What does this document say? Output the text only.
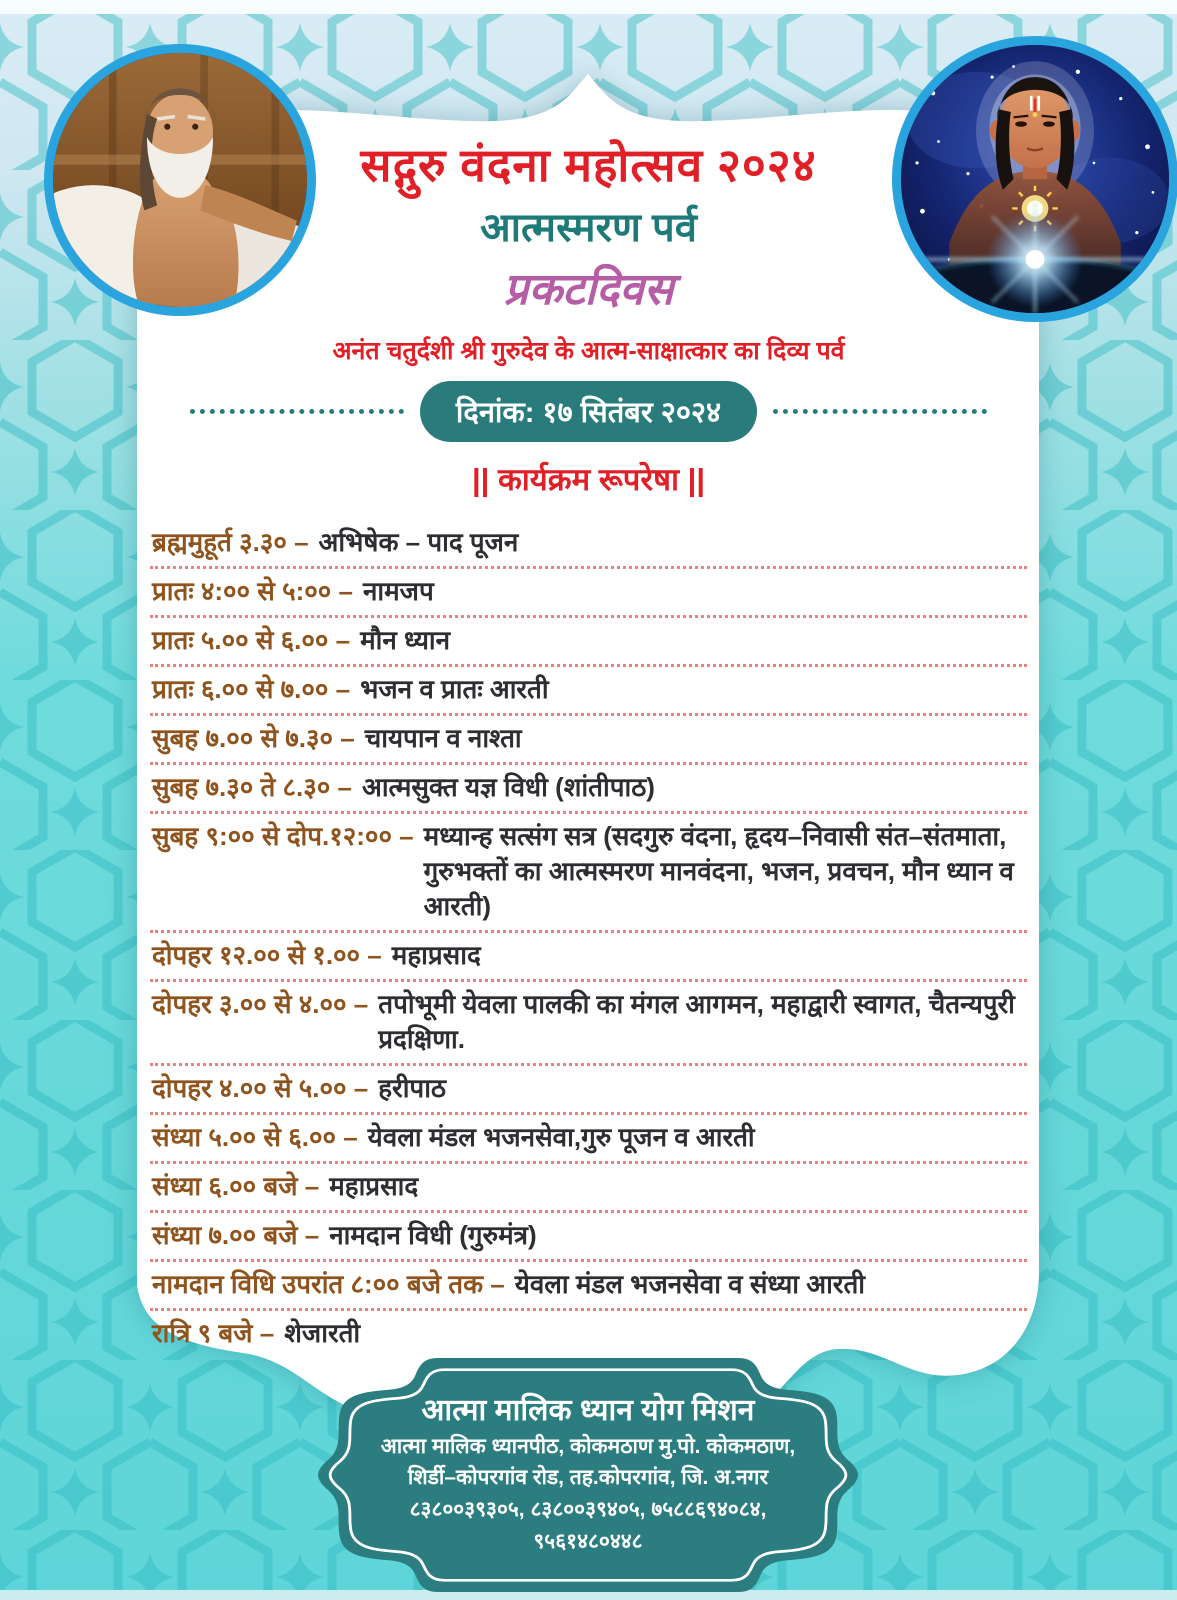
सद्गुरु वंदना महोत्सव २०२४
आत्मस्मरण पर्व
प्रकटदिवस
अनंत चतुर्दशी श्री गुरुदेव के आत्म-साक्षात्कार का दिव्य पर्व
दिनांक: १७ सितंबर २०२४
|| कार्यक्रम रूपरेषा ||
ब्रह्ममुहूर्त ३.३० – अभिषेक – पाद पूजन
प्रातः ४:०० से ५:०० – नामजप
प्रातः ५.०० से ६.०० – मौन ध्यान
प्रातः ६.०० से ७.०० – भजन व प्रातः आरती
सुबह ७.०० से ७.३० – चायपान व नाश्ता
सुबह ७.३० ते ८.३० – आत्मसुक्त यज्ञ विधी (शांतीपाठ)
सुबह ९:०० से दोप.१२:०० – मध्यान्ह सत्संग सत्र (सदगुरु वंदना, हृदय–निवासी संत–संतमाता, गुरुभक्तों का आत्मस्मरण मानवंदना, भजन, प्रवचन, मौन ध्यान व आरती)
दोपहर १२.०० से १.०० – महाप्रसाद
दोपहर ३.०० से ४.०० – तपोभूमी येवला पालकी का मंगल आगमन, महाद्वारी स्वागत, चैतन्यपुरी प्रदक्षिणा.
दोपहर ४.०० से ५.०० – हरीपाठ
संध्या ५.०० से ६.०० – येवला मंडल भजनसेवा,गुरु पूजन व आरती
संध्या ६.०० बजे – महाप्रसाद
संध्या ७.०० बजे – नामदान विधी (गुरुमंत्र)
नामदान विधि उपरांत ८:०० बजे तक – येवला मंडल भजनसेवा व संध्या आरती
रात्रि ९ बजे – शेजारती
आत्मा मालिक ध्यान योग मिशन
आत्मा मालिक ध्यानपीठ, कोकमठाण मु.पो. कोकमठाण,
शिर्डी–कोपरगांव रोड, तह.कोपरगांव, जि. अ.नगर
८३८००३९३०५, ८३८००३९४०५, ७५८८६९४०८४,
९५६१४८०४४८
